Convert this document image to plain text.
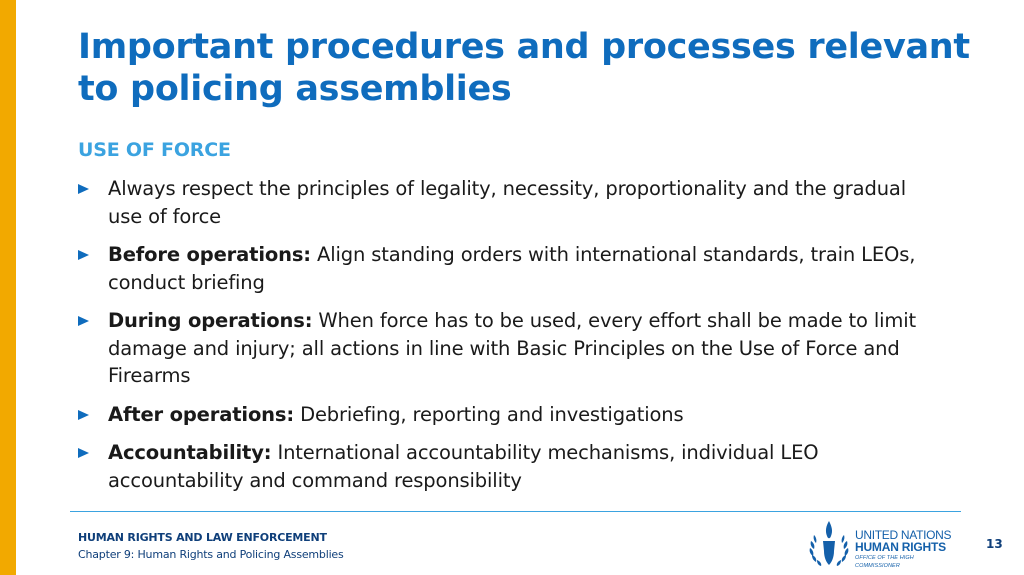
Important procedures and processes relevant to policing assemblies
USE OF FORCE
Always respect the principles of legality, necessity, proportionality and the gradual use of force
Before operations: Align standing orders with international standards, train LEOs, conduct briefing
During operations: When force has to be used, every effort shall be made to limit damage and injury; all actions in line with Basic Principles on the Use of Force and Firearms
After operations: Debriefing, reporting and investigations
Accountability: International accountability mechanisms, individual LEO accountability and command responsibility
HUMAN RIGHTS AND LAW ENFORCEMENT
Chapter 9: Human Rights and Policing Assemblies
UNITED NATIONS
HUMAN RIGHTS
OFFICE OF THE HIGH COMMISSIONER
13
